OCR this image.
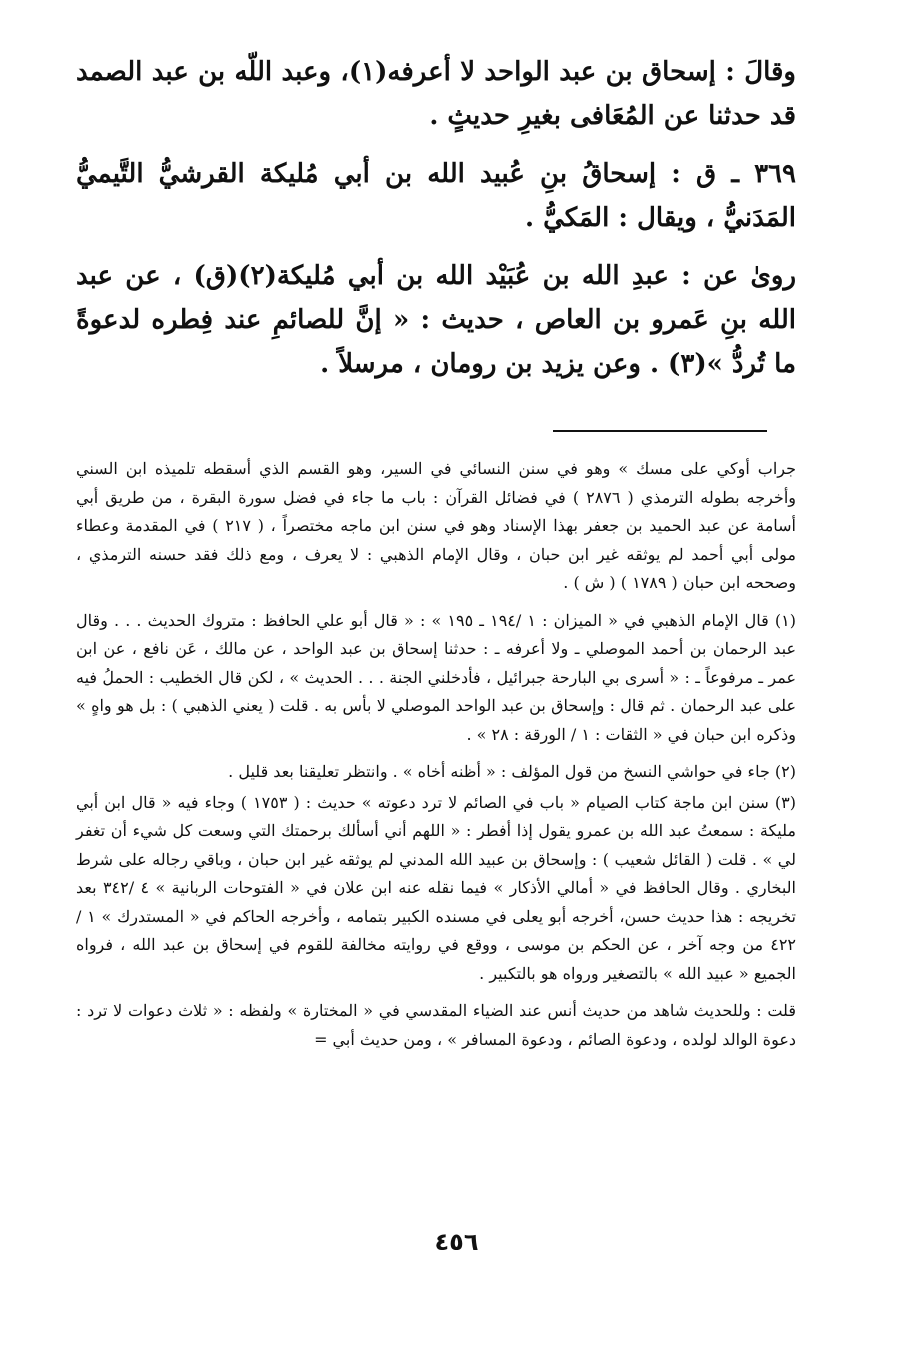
وقالَ : إسحاق بن عبد الواحد لا أعرفه(١)، وعبد اللّه بن عبد الصمد قد حدثنا عن المُعَافى بغيرِ حديثٍ .

٣٦٩ ـ ق : إسحاقُ بنِ عُبيد الله بن أبي مُليكة القرشيُّ التَّيميُّ المَدَنيُّ ، ويقال : المَكيُّ .

روىٰ عن : عبدِ الله بن عُبَيْد الله بن أبي مُليكة(٢)(ق) ، عن عبد الله بنِ عَمرو بن العاص ، حديث : « إنَّ للصائمِ عند فِطره لدعوةً ما تُردُّ »(٣) . وعن يزيد بن رومان ، مرسلاً .

جراب أوكي على مسك » وهو في سنن النسائي في السير، وهو القسم الذي أسقطه تلميذه ابن السني وأخرجه بطوله الترمذي ( ٢٨٧٦ ) في فضائل القرآن : باب ما جاء في فضل سورة البقرة ، من طريق أبي أسامة عن عبد الحميد بن جعفر بهذا الإسناد وهو في سنن ابن ماجه مختصراً ، ( ٢١٧ ) في المقدمة وعطاء مولى أبي أحمد لم يوثقه غير ابن حبان ، وقال الإمام الذهبي : لا يعرف ، ومع ذلك فقد حسنه الترمذي ، وصححه ابن حبان ( ١٧٨٩ ) ( ش ) .

(١) قال الإمام الذهبي في « الميزان : ١ /١٩٤ ـ ١٩٥ » : « قال أبو علي الحافظ : متروك الحديث . . . وقال عبد الرحمان بن أحمد الموصلي ـ ولا أعرفه ـ : حدثنا إسحاق بن عبد الواحد ، عن مالك ، عَن نافع ، عن ابن عمر ـ مرفوعاً ـ : « أسرى بي البارحة جبرائيل ، فأدخلني الجنة . . . الحديث » ، لكن قال الخطيب : الحملُ فيه على عبد الرحمان . ثم قال : وإسحاق بن عبد الواحد الموصلي لا بأس به . قلت ( يعني الذهبي ) : بل هو واهٍ » وذكره ابن حبان في « الثقات : ١ / الورقة : ٢٨ » .

(٢) جاء في حواشي النسخ من قول المؤلف : « أظنه أخاه » . وانتظر تعليقنا بعد قليل .

(٣) سنن ابن ماجة كتاب الصيام « باب في الصائم لا ترد دعوته » حديث : ( ١٧٥٣ ) وجاء فيه « قال ابن أبي مليكة : سمعتُ عبد الله بن عمرو يقول إذا أفطر : « اللهم أني أسألك برحمتك التي وسعت كل شيء أن تغفر لي » . قلت ( القائل شعيب ) : وإسحاق بن عبيد الله المدني لم يوثقه غير ابن حبان ، وباقي رجاله على شرط البخاري . وقال الحافظ في « أمالي الأذكار » فيما نقله عنه ابن علان في « الفتوحات الربانية » ٤ /٣٤٢ بعد تخريجه : هذا حديث حسن، أخرجه أبو يعلى في مسنده الكبير بتمامه ، وأخرجه الحاكم في « المستدرك » ١ /٤٢٢ من وجه آخر ، عن الحكم بن موسى ، ووقع في روايته مخالفة للقوم في إسحاق بن عبد الله ، فرواه الجميع « عبيد الله » بالتصغير ورواه هو بالتكبير .

قلت : وللحديث شاهد من حديث أنس عند الضياء المقدسي في « المختارة » ولفظه : « ثلاث دعوات لا ترد : دعوة الوالد لولده ، ودعوة الصائم ، ودعوة المسافر » ، ومن حديث أبي =

٤٥٦
